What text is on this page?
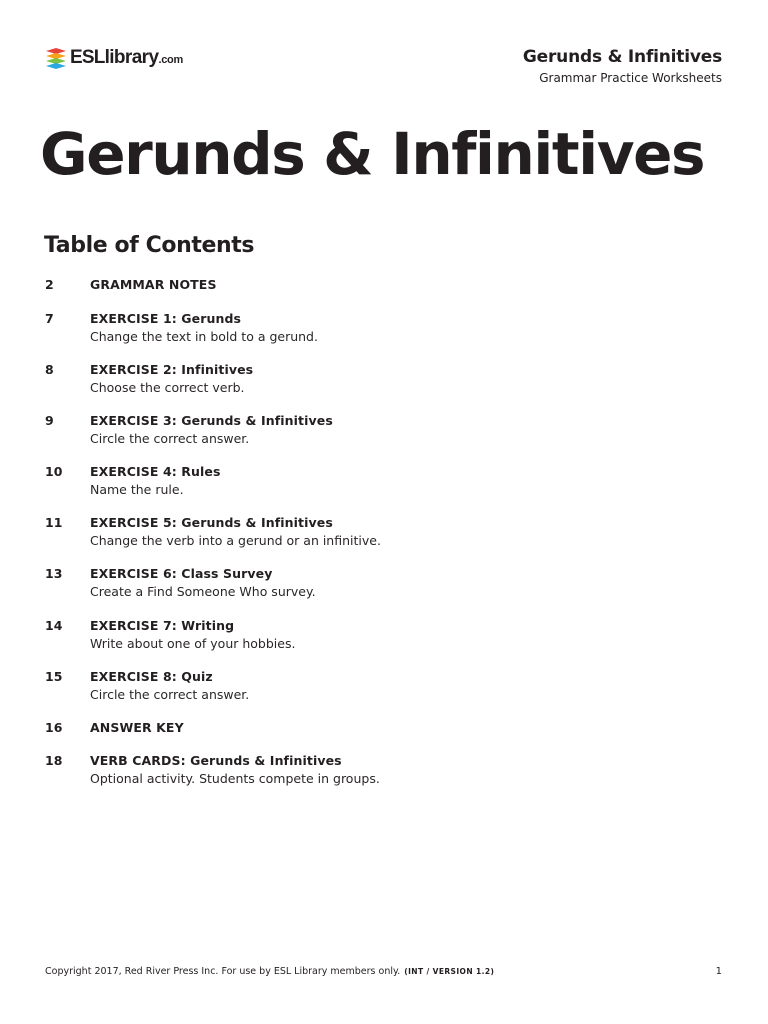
ESLlibrary.com	Gerunds & Infinitives
Grammar Practice Worksheets
Gerunds & Infinitives
Table of Contents
2	GRAMMAR NOTES
7	EXERCISE 1: Gerunds
Change the text in bold to a gerund.
8	EXERCISE 2: Infinitives
Choose the correct verb.
9	EXERCISE 3: Gerunds & Infinitives
Circle the correct answer.
10 EXERCISE 4: Rules
Name the rule.
11 EXERCISE 5: Gerunds & Infinitives
Change the verb into a gerund or an infinitive.
13 EXERCISE 6: Class Survey
Create a Find Someone Who survey.
14 EXERCISE 7: Writing
Write about one of your hobbies.
15 EXERCISE 8: Quiz
Circle the correct answer.
16 ANSWER KEY
18 VERB CARDS: Gerunds & Infinitives
Optional activity. Students compete in groups.
Copyright 2017, Red River Press Inc. For use by ESL Library members only. (INT / VERSION 1.2)	1
